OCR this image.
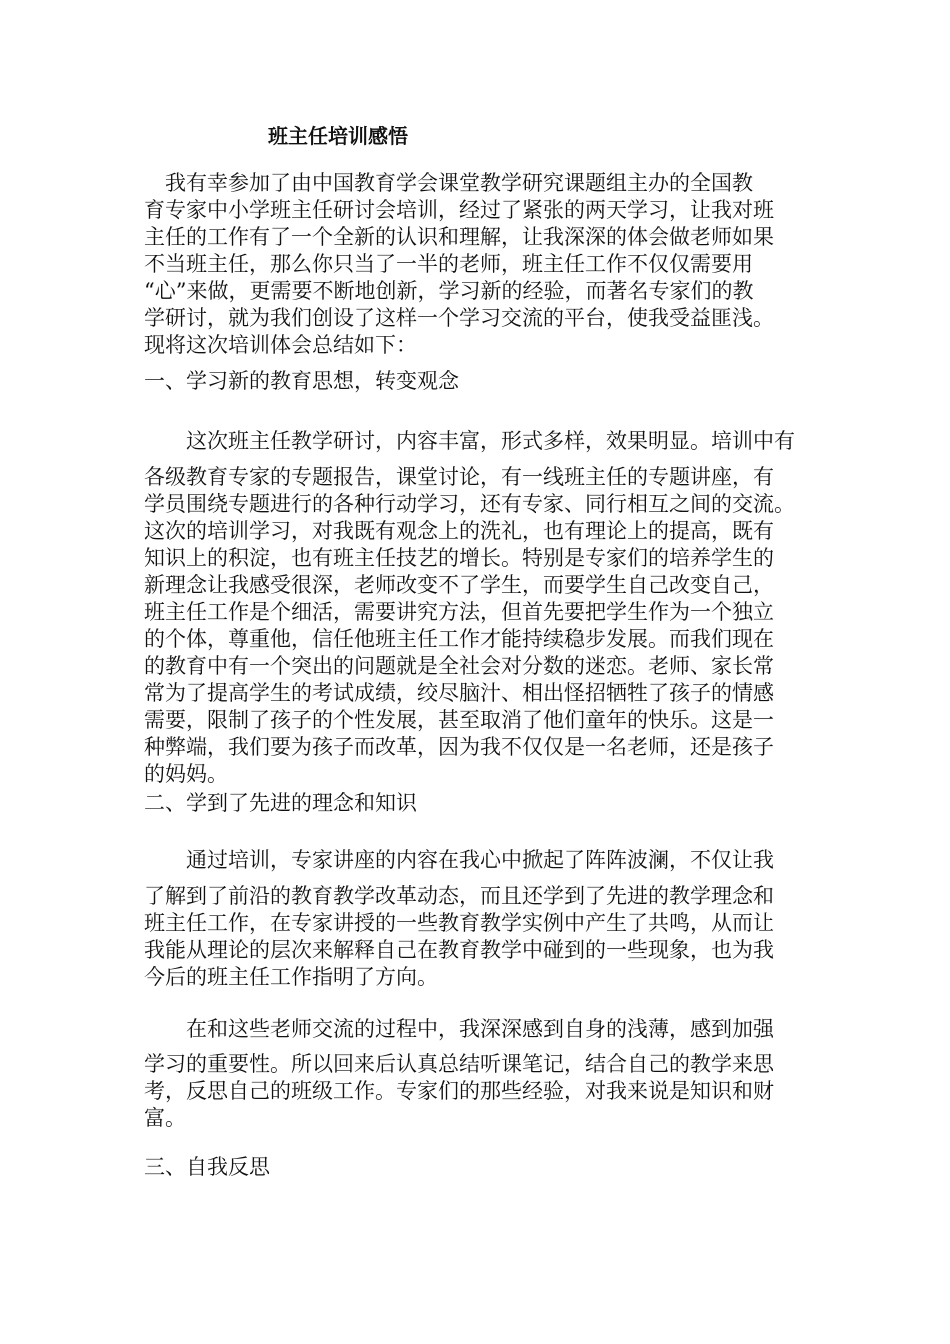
班主任培训感悟
　我有幸参加了由中国教育学会课堂教学研究课题组主办的全国教
育专家中小学班主任研讨会培训，经过了紧张的两天学习，让我对班
主任的工作有了一个全新的认识和理解，让我深深的体会做老师如果
不当班主任，那么你只当了一半的老师，班主任工作不仅仅需要用
“心”来做，更需要不断地创新，学习新的经验，而著名专家们的教
学研讨，就为我们创设了这样一个学习交流的平台，使我受益匪浅。
现将这次培训体会总结如下：
一、学习新的教育思想，转变观念
　　这次班主任教学研讨，内容丰富，形式多样，效果明显。培训中有
各级教育专家的专题报告，课堂讨论，有一线班主任的专题讲座，有
学员围绕专题进行的各种行动学习，还有专家、同行相互之间的交流。
这次的培训学习，对我既有观念上的洗礼，也有理论上的提高，既有
知识上的积淀，也有班主任技艺的增长。特别是专家们的培养学生的
新理念让我感受很深，老师改变不了学生，而要学生自己改变自己，
班主任工作是个细活，需要讲究方法，但首先要把学生作为一个独立
的个体，尊重他，信任他班主任工作才能持续稳步发展。而我们现在
的教育中有一个突出的问题就是全社会对分数的迷恋。老师、家长常
常为了提高学生的考试成绩，绞尽脑汁、相出怪招牺牲了孩子的情感
需要，限制了孩子的个性发展，甚至取消了他们童年的快乐。这是一
种弊端，我们要为孩子而改革，因为我不仅仅是一名老师，还是孩子
的妈妈。
二、学到了先进的理念和知识
　　通过培训，专家讲座的内容在我心中掀起了阵阵波澜，不仅让我
了解到了前沿的教育教学改革动态，而且还学到了先进的教学理念和
班主任工作，在专家讲授的一些教育教学实例中产生了共鸣，从而让
我能从理论的层次来解释自己在教育教学中碰到的一些现象，也为我
今后的班主任工作指明了方向。
　　在和这些老师交流的过程中，我深深感到自身的浅薄，感到加强
学习的重要性。所以回来后认真总结听课笔记，结合自己的教学来思
考，反思自己的班级工作。专家们的那些经验，对我来说是知识和财
富。
三、自我反思
